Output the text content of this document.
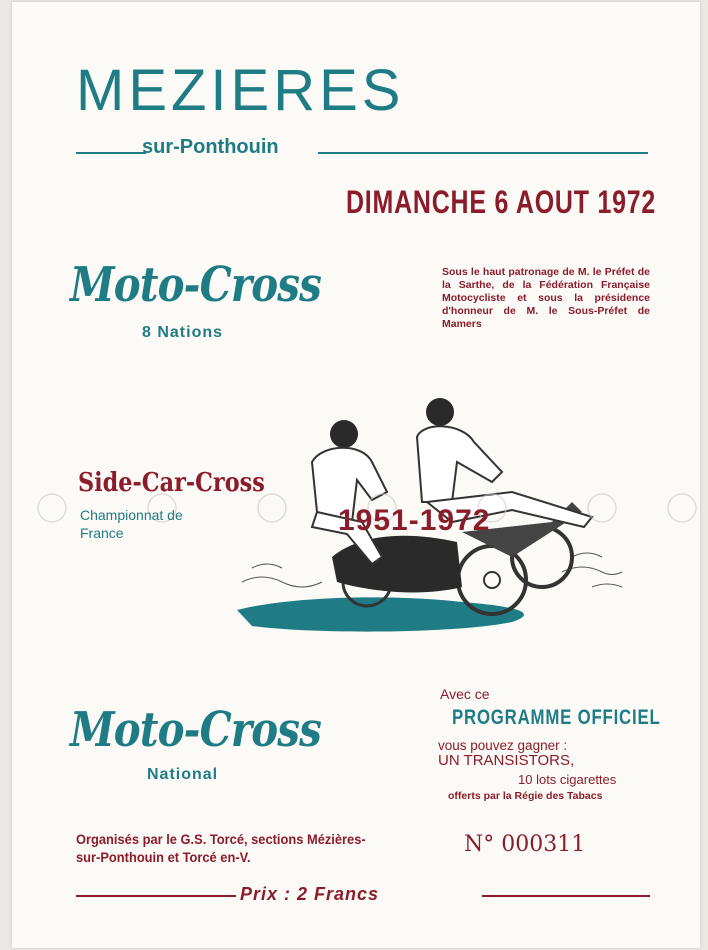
MEZIERES
sur-Ponthouin
DIMANCHE 6 AOUT 1972
Moto-Cross
8 Nations
Sous le haut patronage de M. le Préfet de la Sarthe, de la Fédération Française Motocycliste et sous la présidence d'honneur de M. le Sous-Préfet de Mamers
Side-Car-Cross
Championnat de France	1951-1972
Moto-Cross
National
Avec ce
PROGRAMME OFFICIEL
vous pouvez gagner :
UN TRANSISTORS,
10 lots cigarettes
offerts par la Régie des Tabacs
Organisés par le G.S. Torcé, sections Mézières-sur-Ponthouin et Torcé en-V.	N° 000311
Prix : 2 Francs
